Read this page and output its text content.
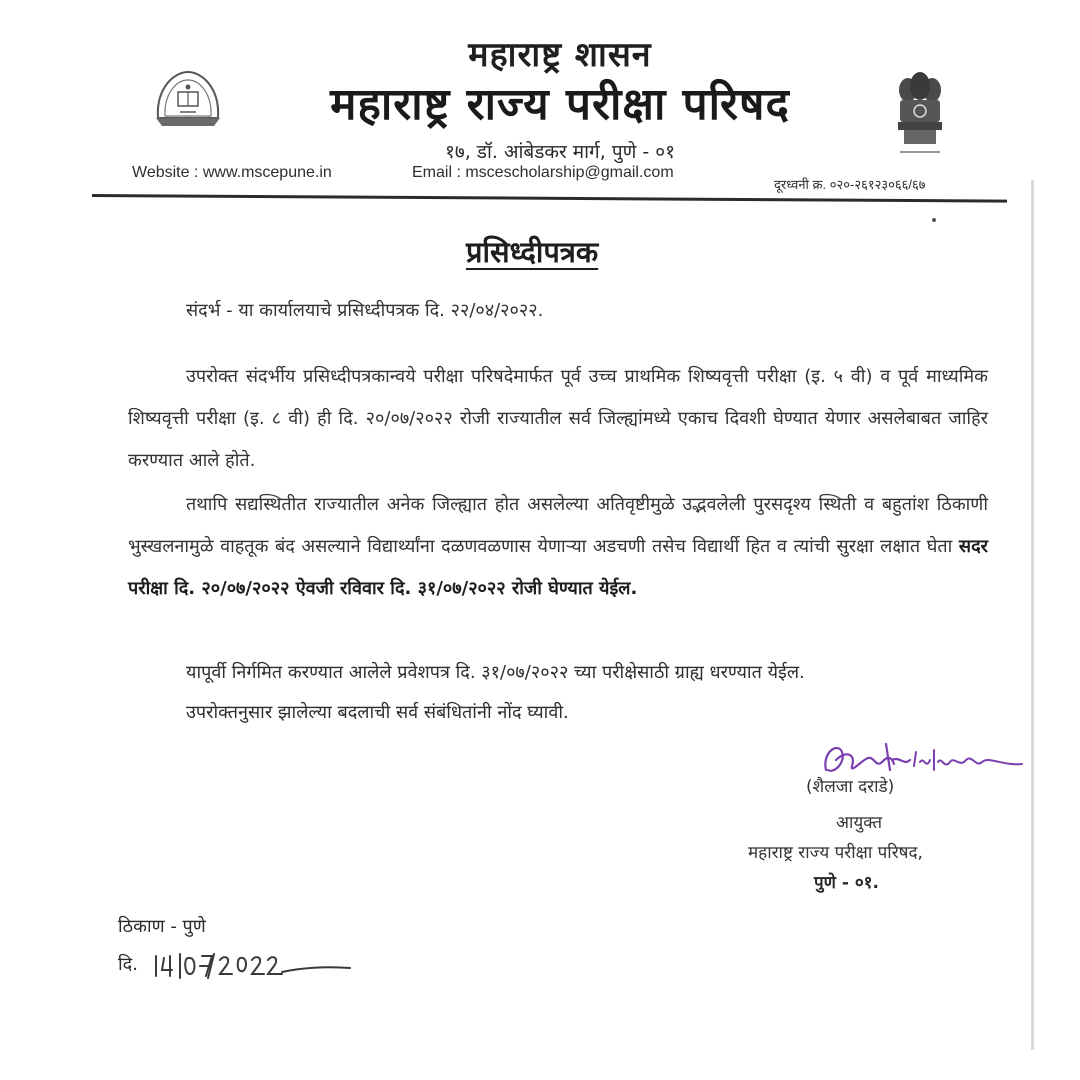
महाराष्ट्र शासन
महाराष्ट्र राज्य परीक्षा परिषद
१७, डॉ. आंबेडकर मार्ग, पुणे - ०१
Website : www.mscepune.in	Email : mscescholarship@gmail.com
दूरध्वनी क्र. ०२०-२६१२३०६६/६७
प्रसिध्दीपत्रक
संदर्भ - या कार्यालयाचे प्रसिध्दीपत्रक दि. २२/०४/२०२२.
उपरोक्त संदर्भीय प्रसिध्दीपत्रकान्वये परीक्षा परिषदेमार्फत पूर्व उच्च प्राथमिक शिष्यवृत्ती परीक्षा (इ. ५ वी) व पूर्व माध्यमिक शिष्यवृत्ती परीक्षा (इ. ८ वी) ही दि. २०/०७/२०२२ रोजी राज्यातील सर्व जिल्ह्यांमध्ये एकाच दिवशी घेण्यात येणार असलेबाबत जाहिर करण्यात आले होते.
तथापि सद्यस्थितीत राज्यातील अनेक जिल्ह्यात होत असलेल्या अतिवृष्टीमुळे उद्भवलेली पुरसदृश्य स्थिती व बहुतांश ठिकाणी भुस्खलनामुळे वाहतूक बंद असल्याने विद्यार्थ्यांना दळणवळणास येणाऱ्या अडचणी तसेच विद्यार्थी हित व त्यांची सुरक्षा लक्षात घेता सदर परीक्षा दि. २०/०७/२०२२ ऐवजी रविवार दि. ३१/०७/२०२२ रोजी घेण्यात येईल.
यापूर्वी निर्गमित करण्यात आलेले प्रवेशपत्र दि. ३१/०७/२०२२ च्या परीक्षेसाठी ग्राह्य धरण्यात येईल.
उपरोक्तनुसार झालेल्या बदलाची सर्व संबंधितांनी नोंद घ्यावी.
(शैलजा दराडे)
आयुक्त
महाराष्ट्र राज्य परीक्षा परिषद,
पुणे - ०१.
ठिकाण - पुणे
दि.
